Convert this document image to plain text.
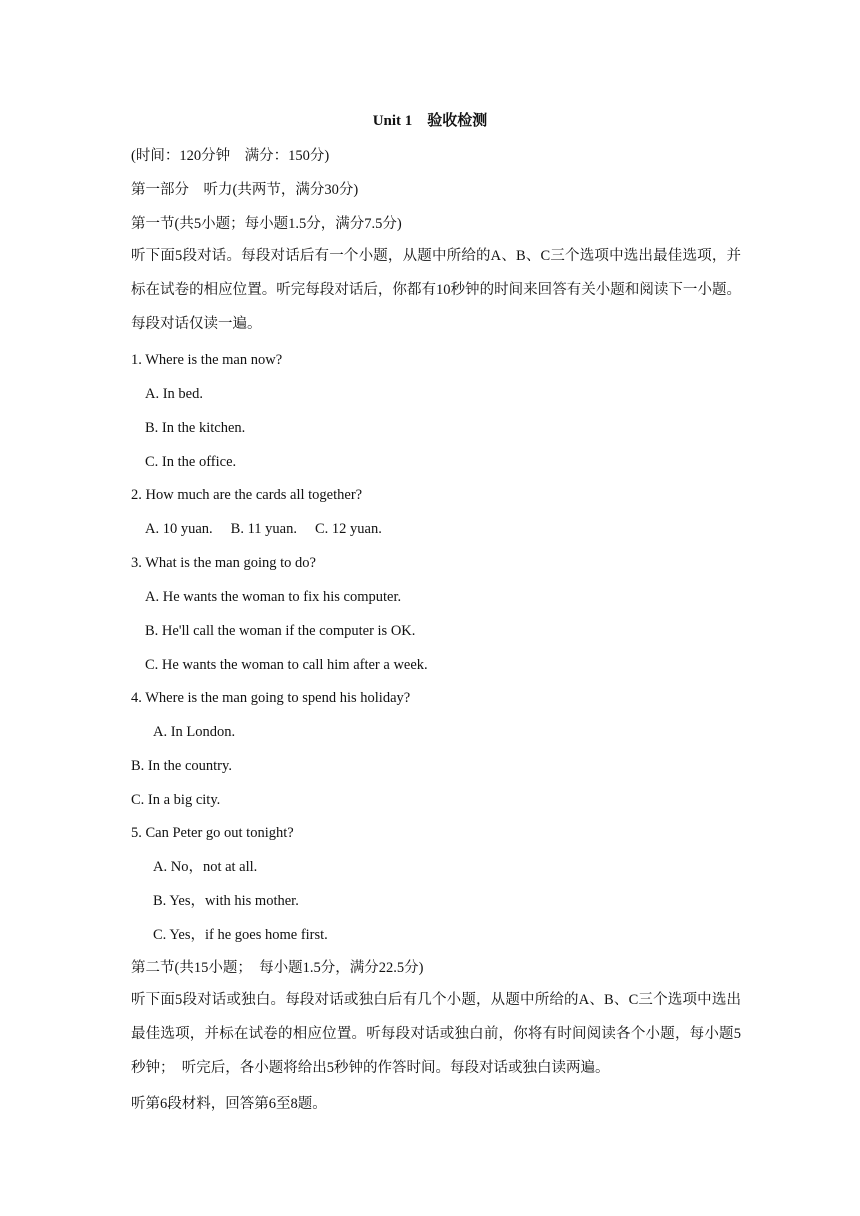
Unit 1　验收检测
(时间：120分钟　满分：150分)
第一部分　听力(共两节，满分30分)
第一节(共5小题；每小题1.5分，满分7.5分)
听下面5段对话。每段对话后有一个小题，从题中所给的A、B、C三个选项中选出最佳选项，并标在试卷的相应位置。听完每段对话后，你都有10秒钟的时间来回答有关小题和阅读下一小题。每段对话仅读一遍。
1. Where is the man now?
A. In bed.
B. In the kitchen.
C. In the office.
2. How much are the cards all together?
A. 10 yuan. B. 11 yuan. C. 12 yuan.
3. What is the man going to do?
A. He wants the woman to fix his computer.
B. He'll call the woman if the computer is OK.
C. He wants the woman to call him after a week.
4. Where is the man going to spend his holiday?
A. In London.
B. In the country.
C. In a big city.
5. Can Peter go out tonight?
A. No，not at all.
B. Yes，with his mother.
C. Yes，if he goes home first.
第二节(共15小题；　每小题1.5分，满分22.5分)
听下面5段对话或独白。每段对话或独白后有几个小题，从题中所给的A、B、C三个选项中选出最佳选项，并标在试卷的相应位置。听每段对话或独白前，你将有时间阅读各个小题，每小题5秒钟；　听完后，各小题将给出5秒钟的作答时间。每段对话或独白读两遍。
听第6段材料，回答第6至8题。
